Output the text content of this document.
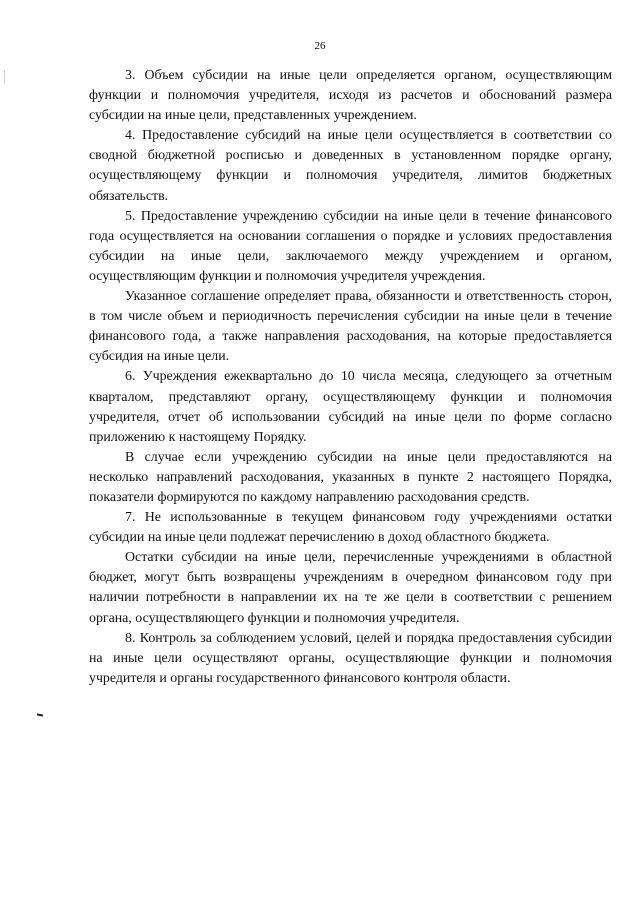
26

3. Объем субсидии на иные цели определяется органом, осуществляющим функции и полномочия учредителя, исходя из расчетов и обоснований размера субсидии на иные цели, представленных учреждением.

4. Предоставление субсидий на иные цели осуществляется в соответствии со сводной бюджетной росписью и доведенных в установленном порядке органу, осуществляющему функции и полномочия учредителя, лимитов бюджетных обязательств.

5. Предоставление учреждению субсидии на иные цели в течение финансового года осуществляется на основании соглашения о порядке и условиях предоставления субсидии на иные цели, заключаемого между учреждением и органом, осуществляющим функции и полномочия учредителя учреждения.

Указанное соглашение определяет права, обязанности и ответственность сторон, в том числе объем и периодичность перечисления субсидии на иные цели в течение финансового года, а также направления расходования, на которые предоставляется субсидия на иные цели.

6. Учреждения ежеквартально до 10 числа месяца, следующего за отчетным кварталом, представляют органу, осуществляющему функции и полномочия учредителя, отчет об использовании субсидий на иные цели по форме согласно приложению к настоящему Порядку.

В случае если учреждению субсидии на иные цели предоставляются на несколько направлений расходования, указанных в пункте 2 настоящего Порядка, показатели формируются по каждому направлению расходования средств.

7. Не использованные в текущем финансовом году учреждениями остатки субсидии на иные цели подлежат перечислению в доход областного бюджета.

Остатки субсидии на иные цели, перечисленные учреждениями в областной бюджет, могут быть возвращены учреждениям в очередном финансовом году при наличии потребности в направлении их на те же цели в соответствии с решением органа, осуществляющего функции и полномочия учредителя.

8. Контроль за соблюдением условий, целей и порядка предоставления субсидии на иные цели осуществляют органы, осуществляющие функции и полномочия учредителя и органы государственного финансового контроля области.
